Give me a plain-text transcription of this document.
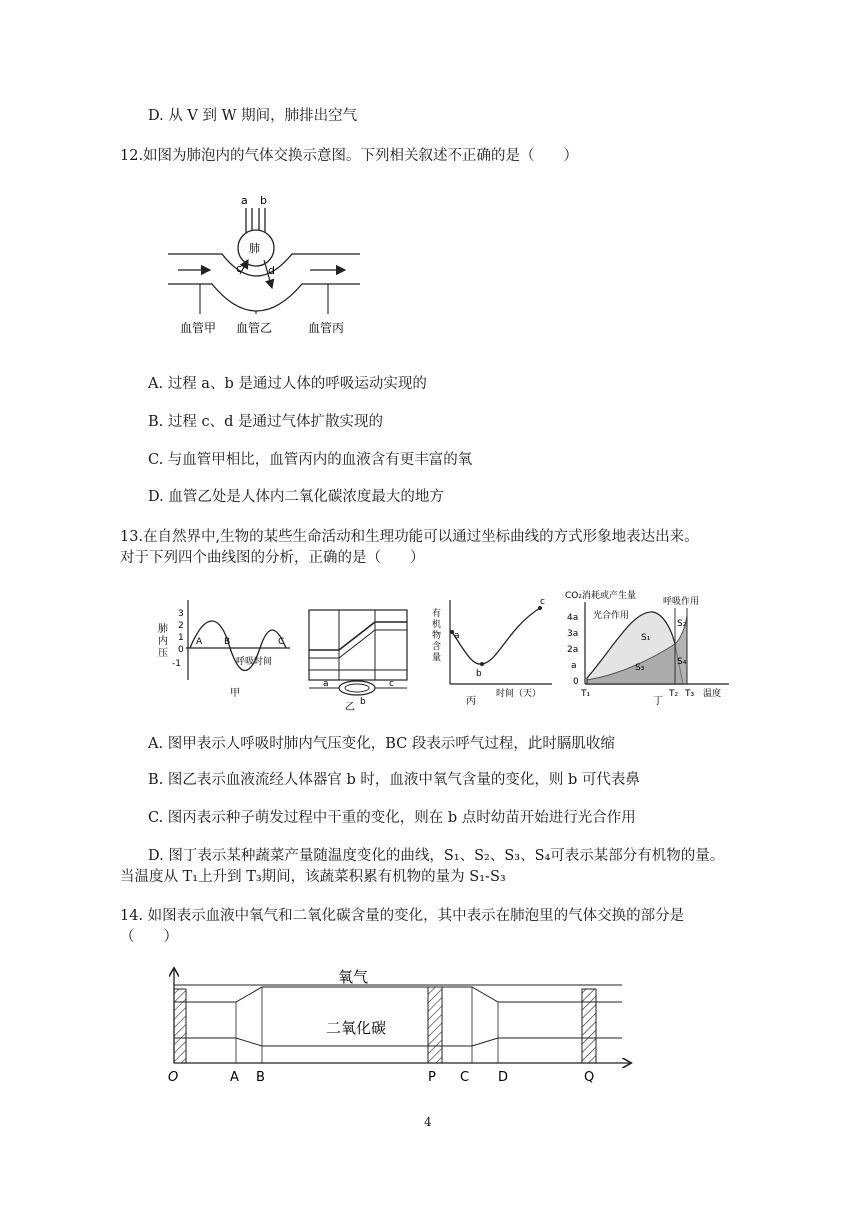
D. 从 V 到 W 期间，肺排出空气
12.如图为肺泡内的气体交换示意图。下列相关叙述不正确的是（　　）
a b
肺
c d
血管甲 血管乙	血管丙
A. 过程 a、b 是通过人体的呼吸运动实现的
B. 过程 c、d 是通过气体扩散实现的
C. 与血管甲相比，血管丙内的血液含有更丰富的氧
D. 血管乙处是人体内二氧化碳浓度最大的地方
13.在自然界中,生物的某些生命活动和生理功能可以通过坐标曲线的方式形象地表达出来。
对于下列四个曲线图的分析，正确的是（　　）
3
2
1
0
-1
肺内压
A B	C
呼吸时间
甲
a	c
b
乙
有机物含量
a
b
c
时间（天）
丙
CO₂消耗或产生量
呼吸作用
4a
3a
2a
a
0
光合作用
S₁
S₃
S₂
S₄
T₁	T₂ T₃ 温度
丁
A. 图甲表示人呼吸时肺内气压变化，BC 段表示呼气过程，此时膈肌收缩
B. 图乙表示血液流经人体器官 b 时，血液中氧气含量的变化，则 b 可代表鼻
C. 图丙表示种子萌发过程中干重的变化，则在 b 点时幼苗开始进行光合作用
D. 图丁表示某种蔬菜产量随温度变化的曲线，S₁、S₂、S₃、S₄可表示某部分有机物的量。
当温度从 T₁上升到 T₃期间，该蔬菜积累有机物的量为 S₁-S₃
14. 如图表示血液中氧气和二氧化碳含量的变化，其中表示在肺泡里的气体交换的部分是
（　　）
氧气
二氧化碳
O	A B	P C D	Q
4
